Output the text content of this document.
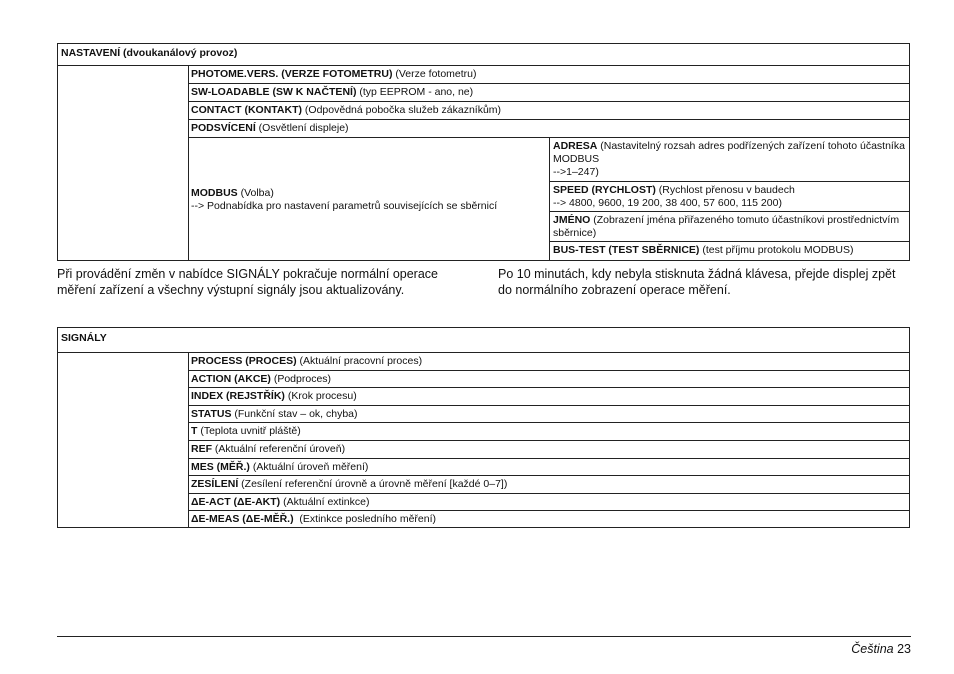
NASTAVENÍ (dvoukanálový provoz)
PHOTOME.VERS. (VERZE FOTOMETRU) (Verze fotometru)
SW-LOADABLE (SW K NAČTENÍ) (typ EEPROM - ano, ne)
CONTACT (KONTAKT) (Odpovědná pobočka služeb zákazníkům)
PODSVÍCENÍ (Osvětlení displeje)
MODBUS (Volba)
--> Podnabídka pro nastavení parametrů souvisejících se sběrnicí
ADRESA (Nastavitelný rozsah adres podřízených zařízení tohoto účastníka MODBUS
-->1–247)
SPEED (RYCHLOST) (Rychlost přenosu v baudech
--> 4800, 9600, 19 200, 38 400, 57 600, 115 200)
JMÉNO (Zobrazení jména přiřazeného tomuto účastníkovi prostřednictvím sběrnice)
BUS-TEST (TEST SBĚRNICE) (test příjmu protokolu MODBUS)
Při provádění změn v nabídce SIGNÁLY pokračuje normální operace měření zařízení a všechny výstupní signály jsou aktualizovány.
Po 10 minutách, kdy nebyla stisknuta žádná klávesa, přejde displej zpět do normálního zobrazení operace měření.
SIGNÁLY
PROCESS (PROCES) (Aktuální pracovní proces)
ACTION (AKCE) (Podproces)
INDEX (REJSTŘÍK) (Krok procesu)
STATUS (Funkční stav – ok, chyba)
T (Teplota uvnitř pláště)
REF (Aktuální referenční úroveň)
MES (MĚŘ.) (Aktuální úroveň měření)
ZESÍLENÍ (Zesílení referenční úrovně a úrovně měření [každé 0–7])
ΔE-ACT (ΔE-AKT) (Aktuální extinkce)
ΔE-MEAS (ΔE-MĚŘ.)  (Extinkce posledního měření)
Čeština 23
